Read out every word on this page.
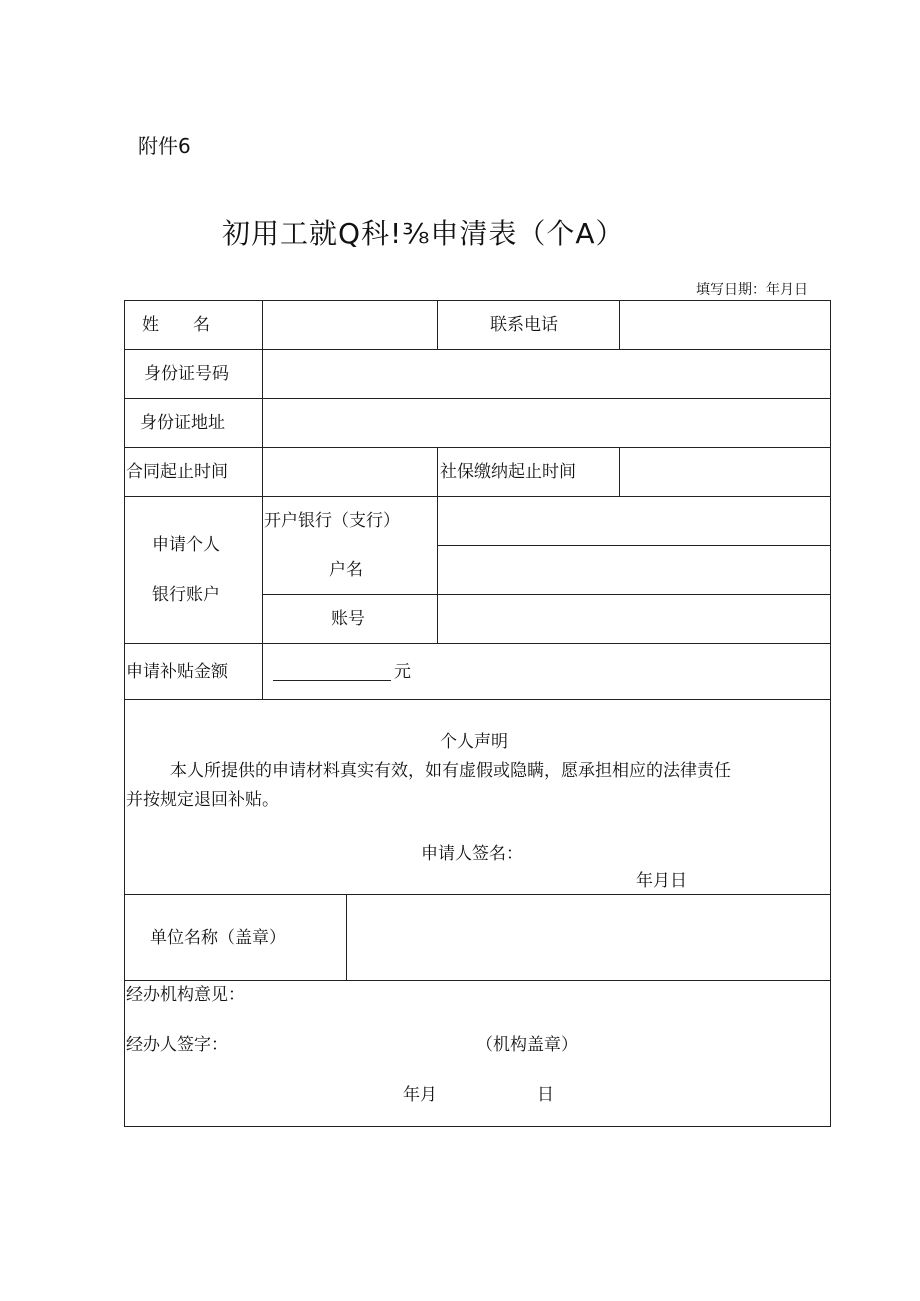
附件6
初用工就Q科!⅜申清表（个A）
填写日期：年月日
姓　　名	联系电话
身份证号码
身份证地址
合同起止时间	社保缴纳起止时间
申请个人
银行账户
开户银行（支行）
户名
账号
申请补贴金额	元
个人声明
本人所提供的申请材料真实有效，如有虚假或隐瞒，愿承担相应的法律责任
并按规定退回补贴。
申请人签名：
年月日
单位名称（盖章）
经办机构意见：
经办人签字：	（机构盖章）
年月	日
